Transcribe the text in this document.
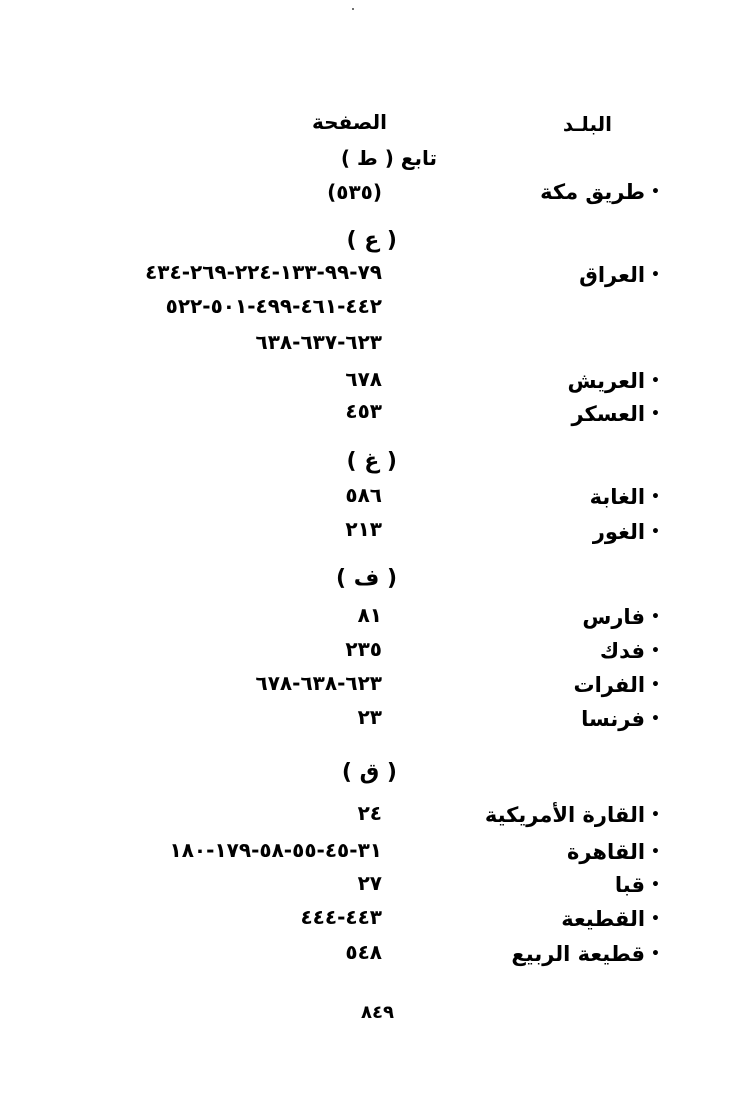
البلـد
الصفحة
تابع ( ط )
•طريق مكة
(٥٣٥)
( ع )
•العراق
٧٩-٩٩-١٣٣-٢٢٤-٢٦٩-٤٣٤
٤٤٢-٤٦١-٤٩٩-٥٠١-٥٢٢
٦٢٣-٦٣٧-٦٣٨
•العريش
٦٧٨
•العسكر
٤٥٣
( غ )
•الغابة
٥٨٦
•الغور
٢١٣
( ف )
•فارس
٨١
•فدك
٢٣٥
•الفرات
٦٢٣-٦٣٨-٦٧٨
•فرنسا
٢٣
( ق )
•القارة الأمريكية
٢٤
•القاهرة
٣١-٤٥-٥٥-٥٨-١٧٩-١٨٠
•قبا
٢٧
•القطيعة
٤٤٣-٤٤٤
•قطيعة الربيع
٥٤٨
٨٤٩
